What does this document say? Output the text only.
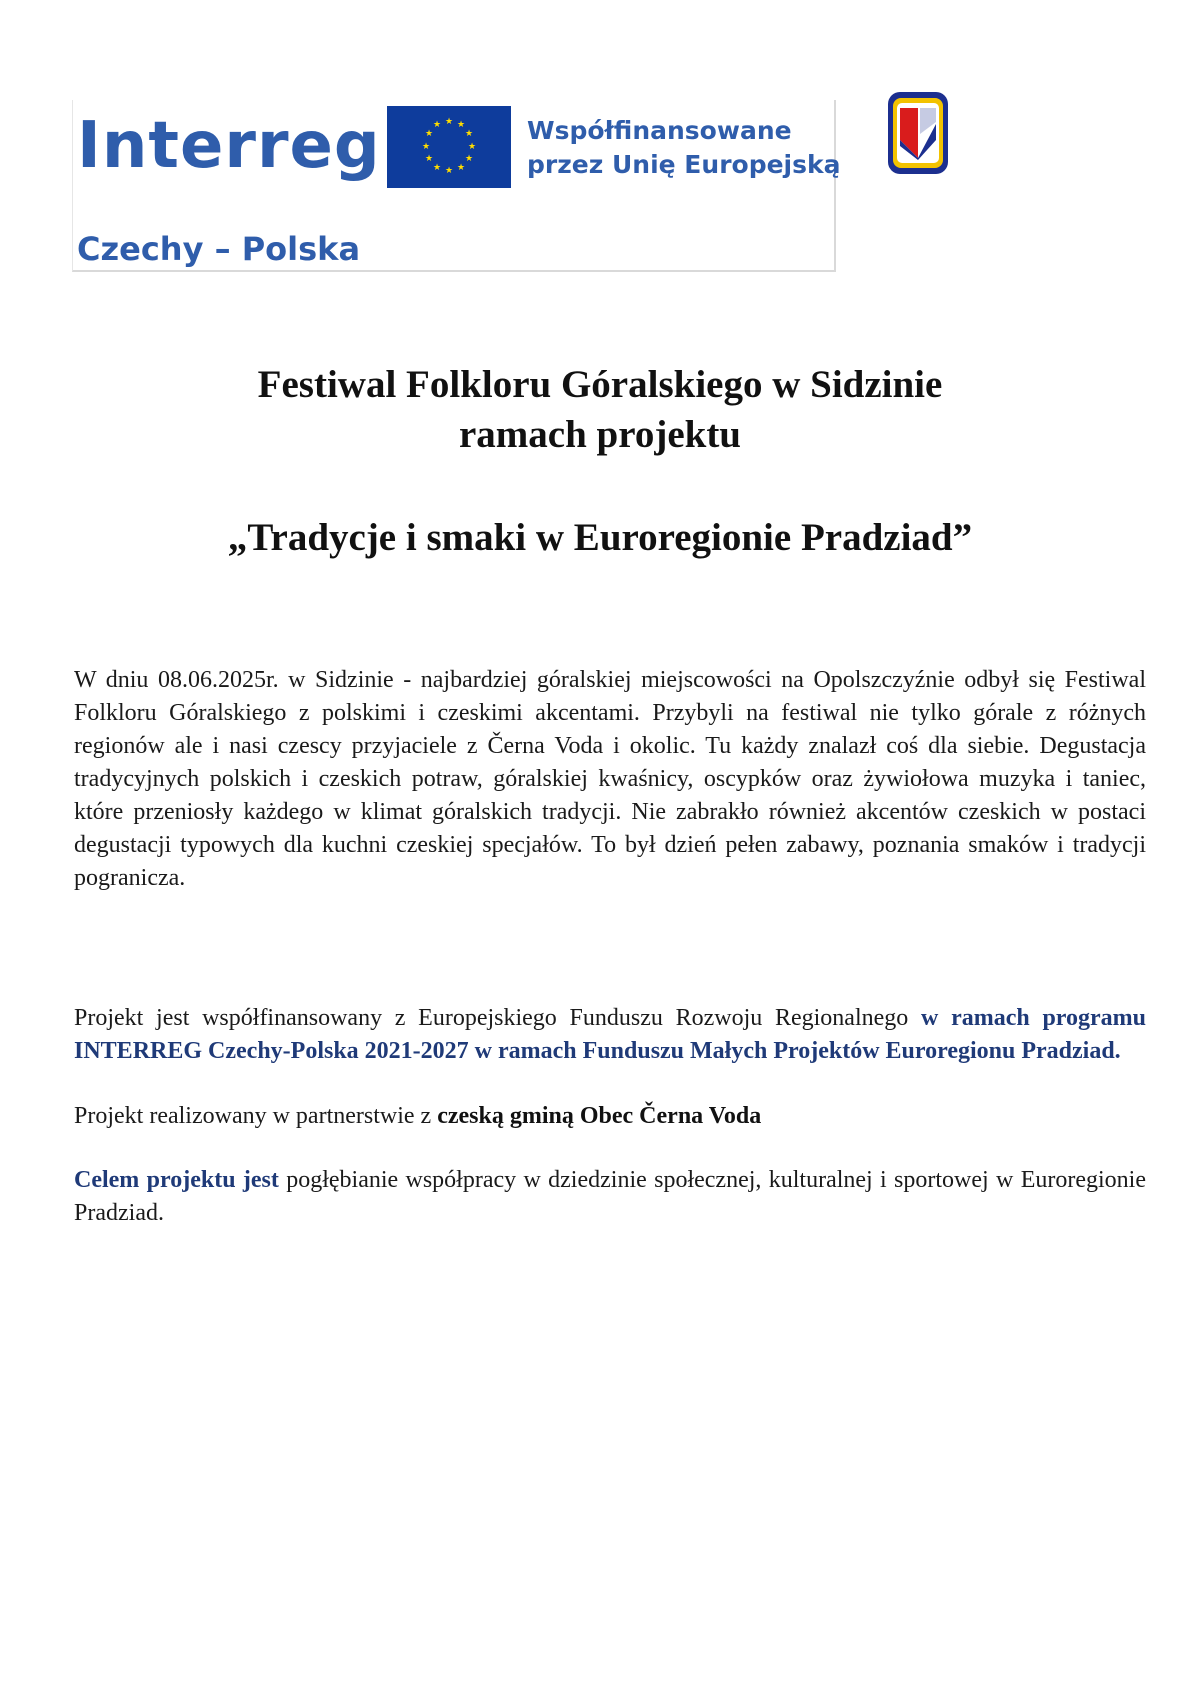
Interreg	★ ★
★
★
★
★
★
★
★
★
★
★	Współfinansowane
przez Unię Europejską
Czechy – Polska
Festiwal Folkloru Góralskiego w Sidzinie
ramach projektu
„Tradycje i smaki w Euroregionie Pradziad”

W dniu 08.06.2025r. w Sidzinie - najbardziej góralskiej miejscowości na Opolszczyźnie odbył się Festiwal Folkloru Góralskiego z polskimi i czeskimi akcentami. Przybyli na festiwal nie tylko górale z różnych regionów ale i nasi czescy przyjaciele z Černa Voda i okolic. Tu każdy znalazł coś dla siebie. Degustacja tradycyjnych polskich i czeskich potraw, góralskiej kwaśnicy, oscypków oraz żywiołowa muzyka i taniec, które przeniosły każdego w klimat góralskich tradycji. Nie zabrakło również akcentów czeskich w postaci degustacji typowych dla kuchni czeskiej specjałów. To był dzień pełen zabawy, poznania smaków i tradycji pogranicza.

Projekt jest współfinansowany z Europejskiego Funduszu Rozwoju Regionalnego w ramach programu INTERREG Czechy-Polska 2021-2027 w ramach Funduszu Małych Projektów Euroregionu Pradziad.

Projekt realizowany w partnerstwie z czeską gminą Obec Černa Voda

Celem projektu jest pogłębianie współpracy w dziedzinie społecznej, kulturalnej i sportowej w Euroregionie Pradziad.
